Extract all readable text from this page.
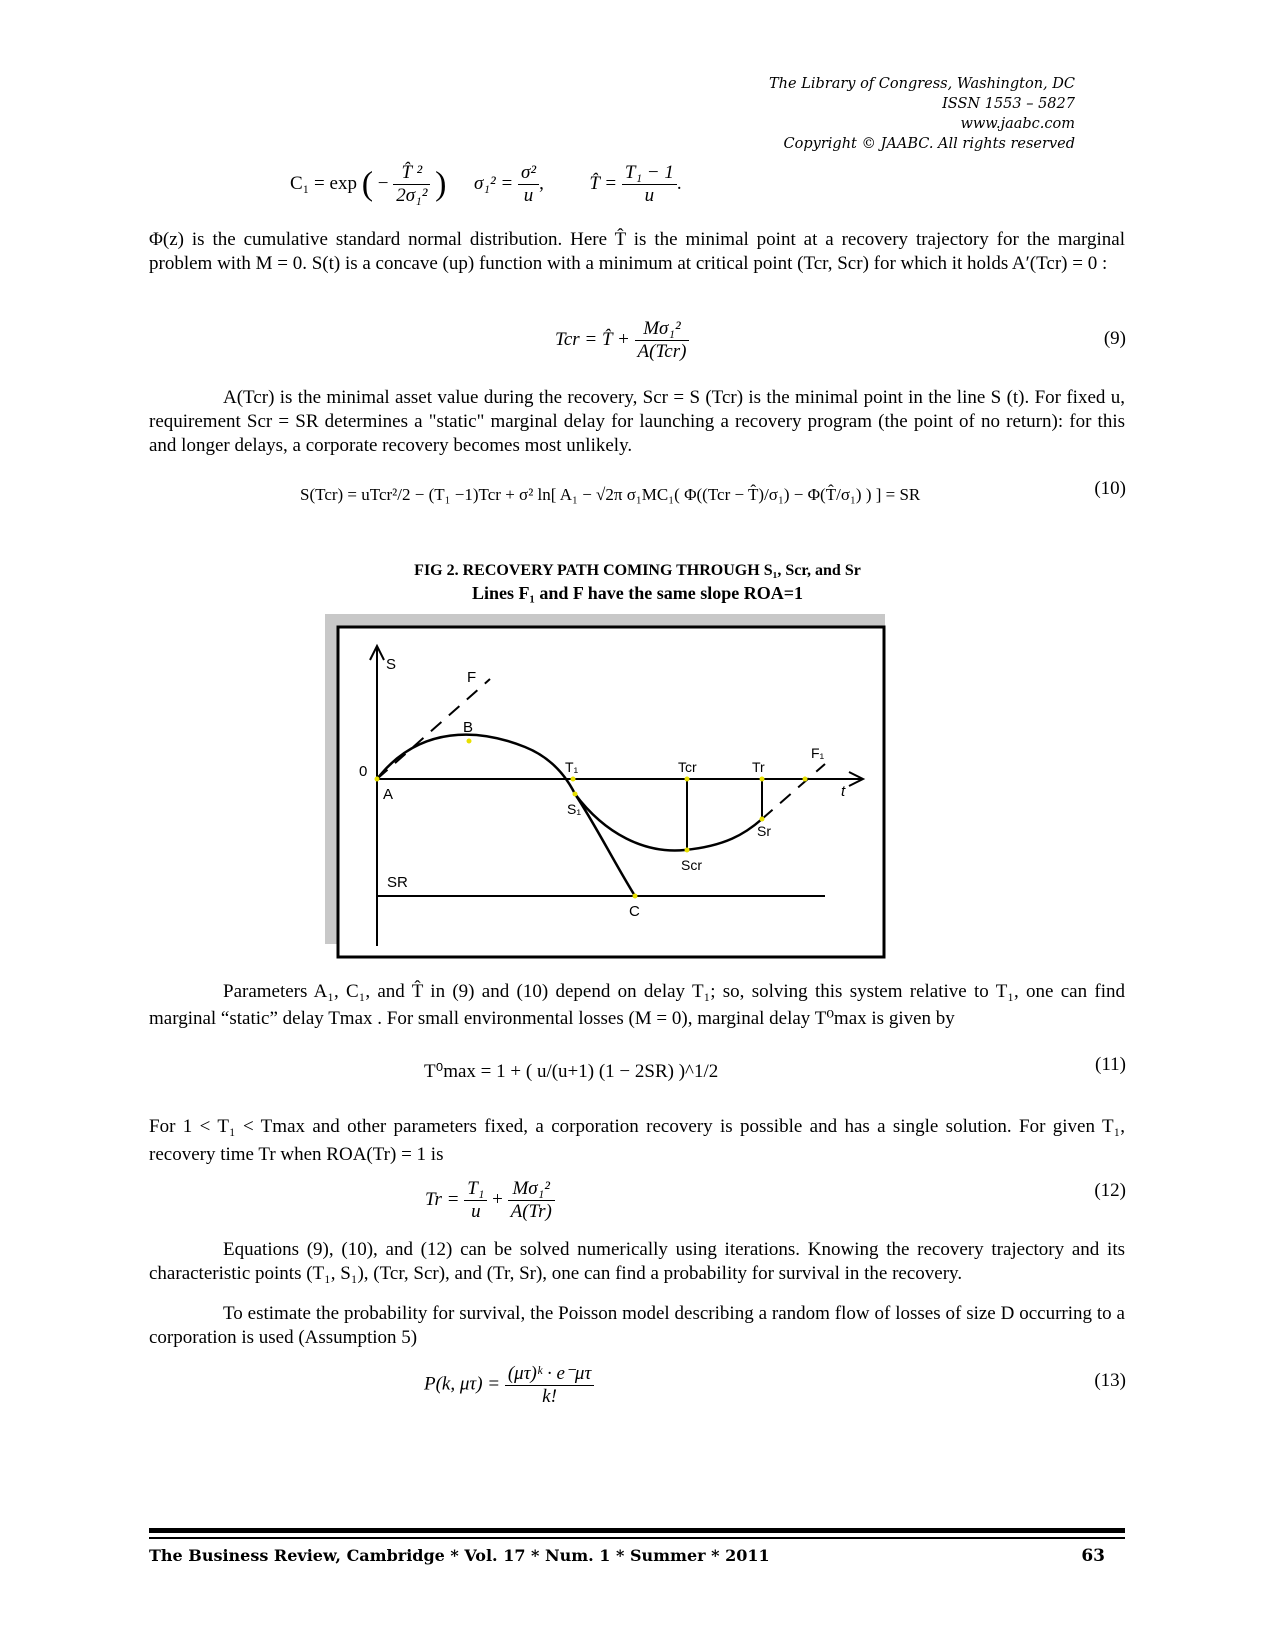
The Library of Congress, Washington, DC
ISSN 1553 – 5827
www.jaabc.com
Copyright © JAABC. All rights reserved
C₁ = exp ( − $\frac{\text{T̂ ²}}{\text{2σ₁²}}$ ) $\sigma_1^2 = \frac{\text{σ²}}{u}$ ,  T̂ = $\frac{\text{T₁ − 1}}{u}$ .
Φ(z) is the cumulative standard normal distribution. Here T̂ is the minimal point at a recovery trajectory for the marginal problem with M = 0. S(t) is a concave (up) function with a minimum at critical point (Tcr, Scr) for which it holds A′(Tcr) = 0 :
Tcr = T̂ + $\frac{\text{Mσ₁²}}{\text{A(Tcr)}}$	(9)
A(Tcr) is the minimal asset value during the recovery, Scr = S (Tcr) is the minimal point in the line S (t). For fixed u, requirement Scr = SR determines a "static" marginal delay for launching a recovery program (the point of no return): for this and longer delays, a corporate recovery becomes most unlikely.
S(Tcr) = uTcr²/2 − (T₁ −1)Tcr + σ² ln[ A₁ − √2π σ₁MC₁( Φ((Tcr − T̂)/σ₁) − Φ(T̂/σ₁) ) ] = SR	(10)
FIG 2. RECOVERY PATH COMING THROUGH S₁, Scr, and Sr
Lines F₁ and F have the same slope ROA=1
S
F
B
0
A
T₁	Tcr	Tr
F₁
t
S₁
Sr
Scr
SR
C
Parameters A₁, C₁, and T̂ in (9) and (10) depend on delay T₁; so, solving this system relative to T₁, one can find marginal “static” delay Tmax . For small environmental losses (M = 0), marginal delay T⁰max is given by
T⁰max = 1 + ( u/(u+1) (1 − 2SR) )^1/2	(11)
For 1 < T₁ < Tmax and other parameters fixed, a corporation recovery is possible and has a single solution. For given T₁, recovery time Tr when ROA(Tr) = 1 is
$Tr = \frac{\text{T₁}}{u} + \frac{\text{Mσ₁²}}{A(Tr)}$	(12)
Equations (9), (10), and (12) can be solved numerically using iterations. Knowing the recovery trajectory and its characteristic points (T₁, S₁), (Tcr, Scr), and (Tr, Sr), one can find a probability for survival in the recovery.
To estimate the probability for survival, the Poisson model describing a random flow of losses of size D occurring to a corporation is used (Assumption 5)
P(k, $\mu\tau) = \frac{\text{(μτ)ᵏ · e⁻μτ}}{k!}$	(13)
The Business Review, Cambridge * Vol. 17 * Num. 1 * Summer * 2011	63
